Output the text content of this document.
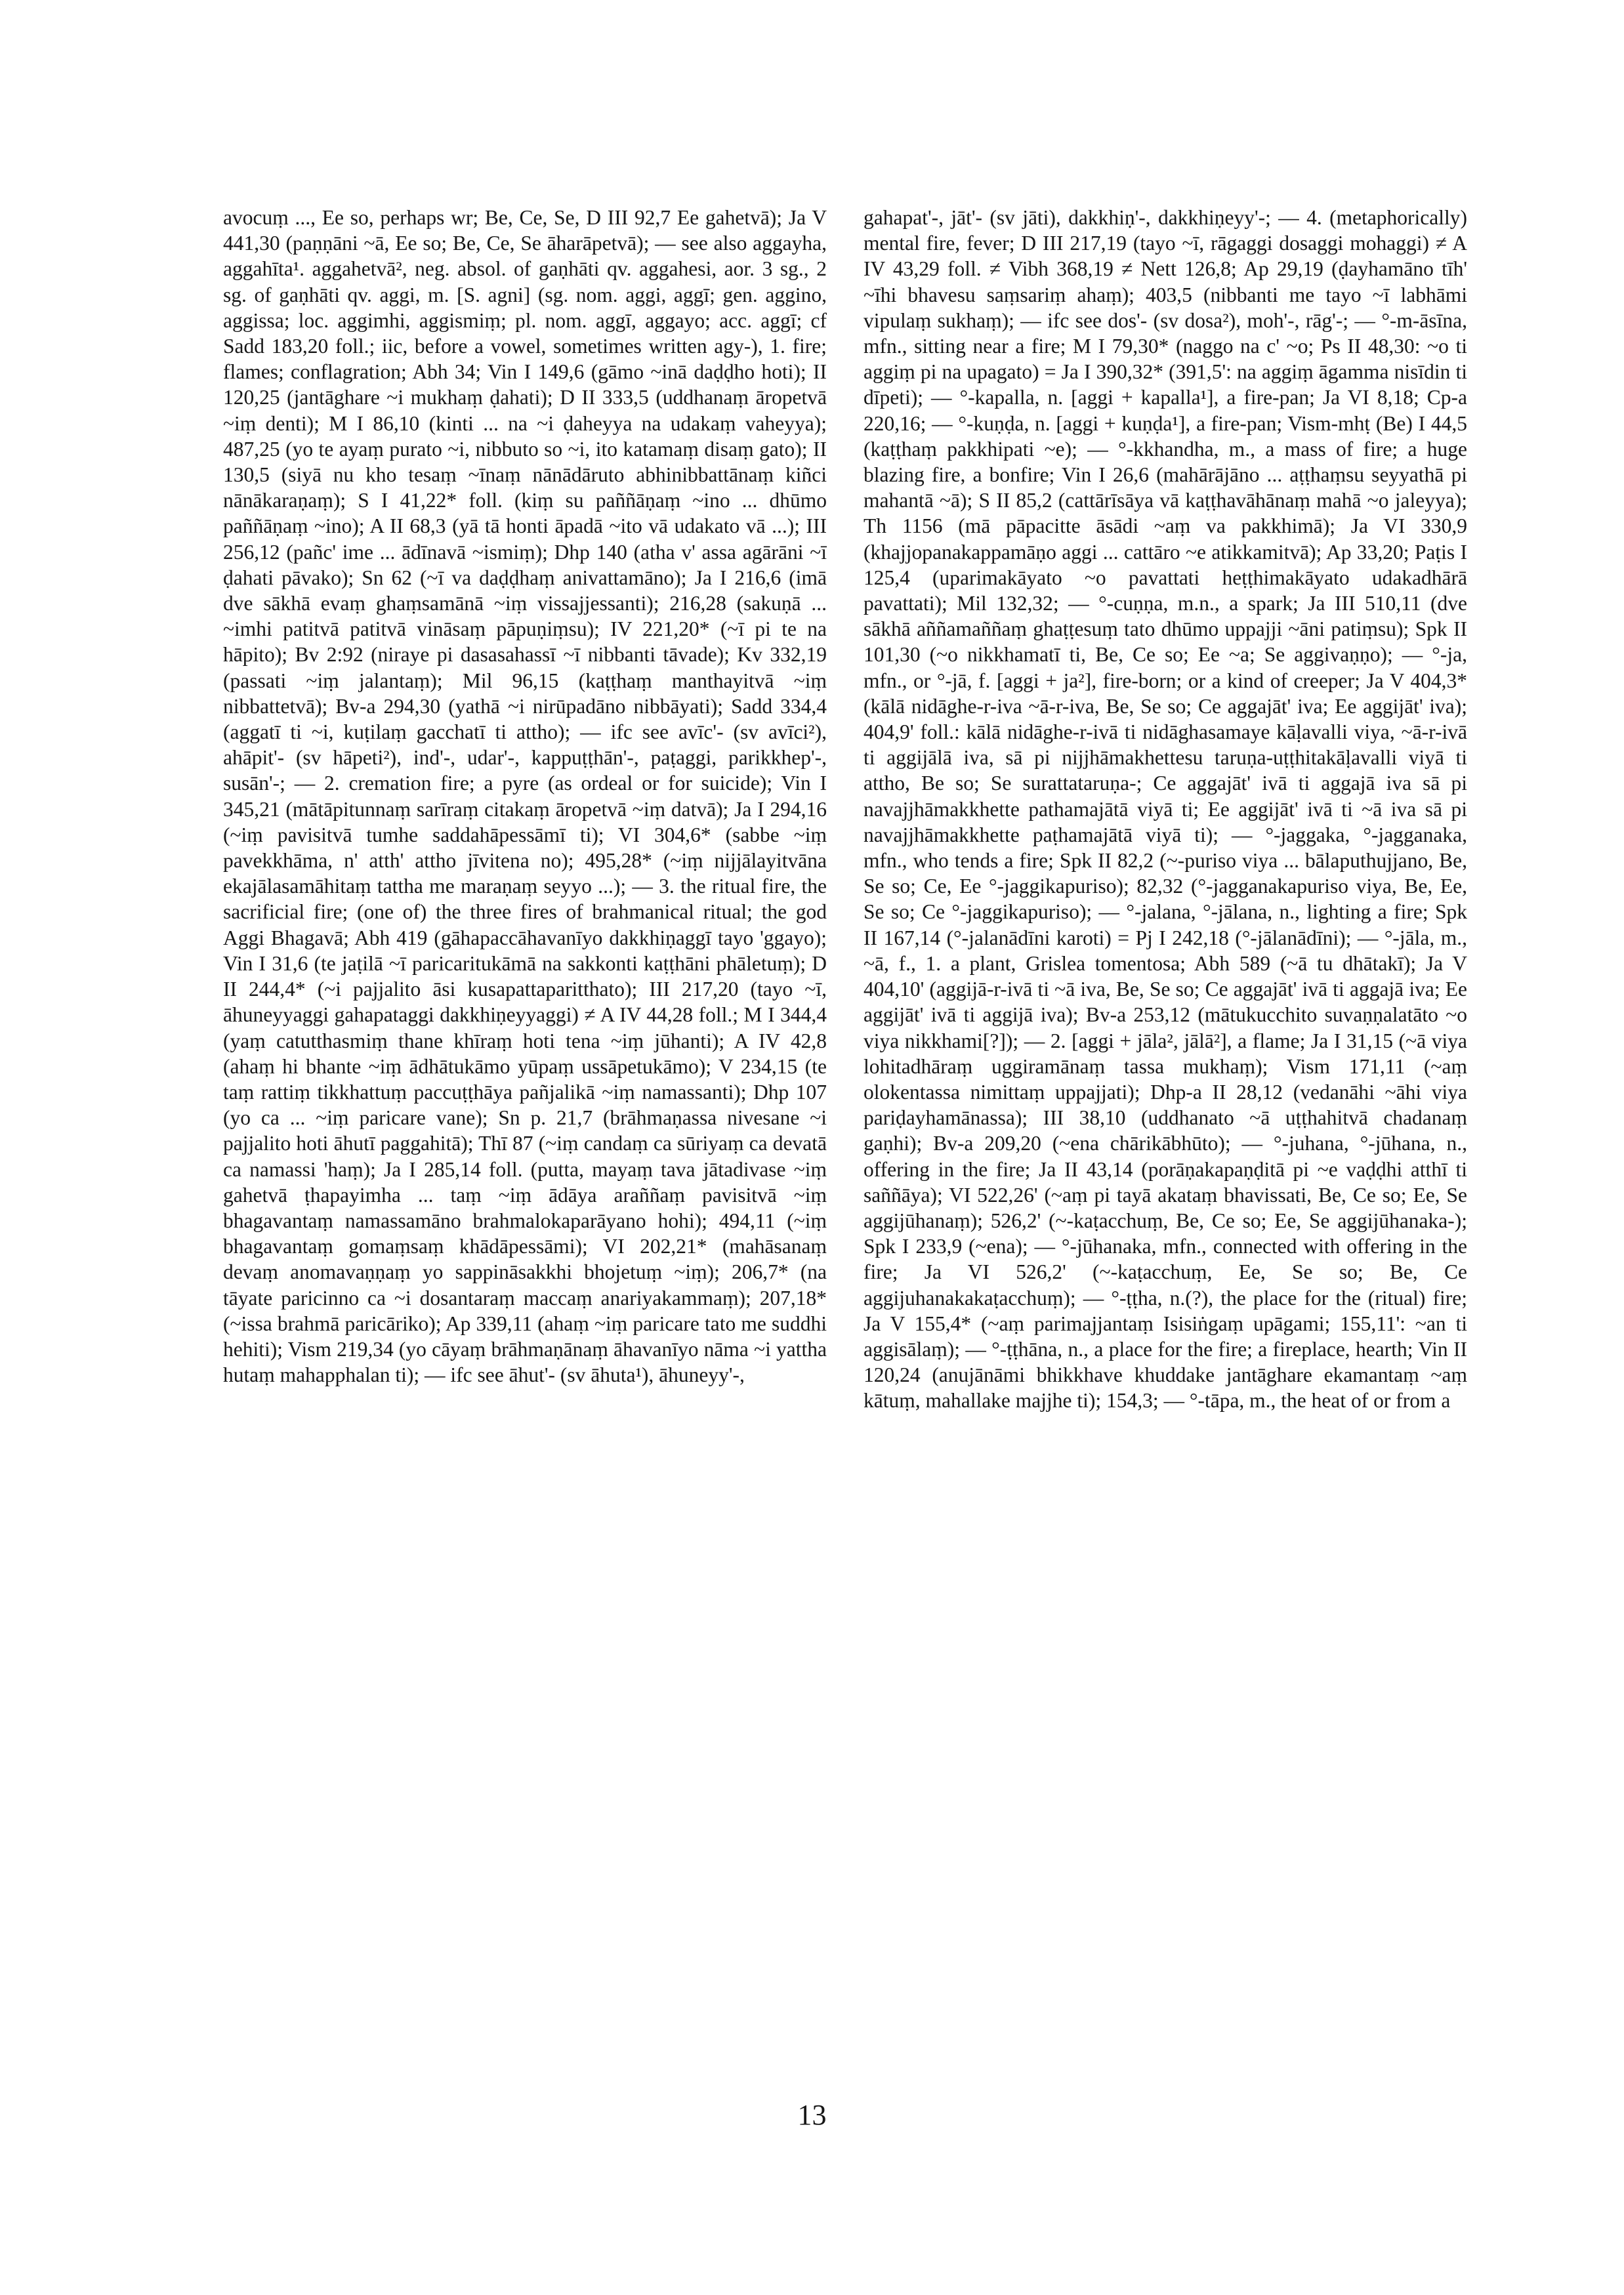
avocuṃ ..., Ee so, perhaps wr; Be, Ce, Se, D III 92,7 Ee gahetvā); Ja V 441,30 (paṇṇāni ~ā, Ee so; Be, Ce, Se āharāpetvā); — see also aggayha, aggahīta¹. aggahetvā², neg. absol. of gaṇhāti qv. aggahesi, aor. 3 sg., 2 sg. of gaṇhāti qv. aggi, m. [S. agni] (sg. nom. aggi, aggī; gen. aggino, aggissa; loc. aggimhi, aggismiṃ; pl. nom. aggī, aggayo; acc. aggī; cf Sadd 183,20 foll.; iic, before a vowel, sometimes written agy-), 1. fire; flames; conflagration; Abh 34; Vin I 149,6 (gāmo ~inā daḍḍho hoti); II 120,25 (jantāghare ~i mukhaṃ ḍahati); D II 333,5 (uddhanaṃ āropetvā ~iṃ denti); M I 86,10 (kinti ... na ~i ḍaheyya na udakaṃ vaheyya); 487,25 (yo te ayaṃ purato ~i, nibbuto so ~i, ito katamaṃ disaṃ gato); II 130,5 (siyā nu kho tesaṃ ~īnaṃ nānādāruto abhinibbattānaṃ kiñci nānākaraṇaṃ); S I 41,22* foll. (kiṃ su paññāṇaṃ ~ino ... dhūmo paññāṇaṃ ~ino); A II 68,3 (yā tā honti āpadā ~ito vā udakato vā ...); III 256,12 (pañc' ime ... ādīnavā ~ismiṃ); Dhp 140 (atha v' assa agārāni ~ī ḍahati pāvako); Sn 62 (~ī va daḍḍhaṃ anivattamāno); Ja I 216,6 (imā dve sākhā evaṃ ghaṃsamānā ~iṃ vissajjessanti); 216,28 (sakuṇā ... ~imhi patitvā patitvā vināsaṃ pāpuṇiṃsu); IV 221,20* (~ī pi te na hāpito); Bv 2:92 (niraye pi dasasahassī ~ī nibbanti tāvade); Kv 332,19 (passati ~iṃ jalantaṃ); Mil 96,15 (kaṭṭhaṃ manthayitvā ~iṃ nibbattetvā); Bv-a 294,30 (yathā ~i nirūpadāno nibbāyati); Sadd 334,4 (aggatī ti ~i, kuṭilaṃ gacchatī ti attho); — ifc see avīc'- (sv avīci²), ahāpit'- (sv hāpeti²), ind'-, udar'-, kappuṭṭhān'-, paṭaggi, parikkhep'-, susān'-; — 2. cremation fire; a pyre (as ordeal or for suicide); Vin I 345,21 (mātāpitunnaṃ sarīraṃ citakaṃ āropetvā ~iṃ datvā); Ja I 294,16 (~iṃ pavisitvā tumhe saddahāpessāmī ti); VI 304,6* (sabbe ~iṃ pavekkhāma, n' atth' attho jīvitena no); 495,28* (~iṃ nijjālayitvāna ekajālasamāhitaṃ tattha me maraṇaṃ seyyo ...); — 3. the ritual fire, the sacrificial fire; (one of) the three fires of brahmanical ritual; the god Aggi Bhagavā; Abh 419 (gāhapaccāhavanīyo dakkhiṇaggī tayo 'ggayo); Vin I 31,6 (te jaṭilā ~ī paricaritukāmā na sakkonti kaṭṭhāni phāletuṃ); D II 244,4* (~i pajjalito āsi kusapattaparitthato); III 217,20 (tayo ~ī, āhuneyyaggi gahapataggi dakkhiṇeyyaggi) ≠ A IV 44,28 foll.; M I 344,4 (yaṃ catutthasmiṃ thane khīraṃ hoti tena ~iṃ jūhanti); A IV 42,8 (ahaṃ hi bhante ~iṃ ādhātukāmo yūpaṃ ussāpetukāmo); V 234,15 (te taṃ rattiṃ tikkhattuṃ paccuṭṭhāya pañjalikā ~iṃ namassanti); Dhp 107 (yo ca ... ~iṃ paricare vane); Sn p. 21,7 (brāhmaṇassa nivesane ~i pajjalito hoti āhutī paggahitā); Thī 87 (~iṃ candaṃ ca sūriyaṃ ca devatā ca namassi 'haṃ); Ja I 285,14 foll. (putta, mayaṃ tava jātadivase ~iṃ gahetvā ṭhapayimha ... taṃ ~iṃ ādāya araññaṃ pavisitvā ~iṃ bhagavantaṃ namassamāno brahmalokaparāyano hohi); 494,11 (~iṃ bhagavantaṃ gomaṃsaṃ khādāpessāmi); VI 202,21* (mahāsanaṃ devaṃ anomavaṇṇaṃ yo sappināsakkhi bhojetuṃ ~iṃ); 206,7* (na tāyate paricinno ca ~i dosantaraṃ maccaṃ anariyakammaṃ); 207,18* (~issa brahmā paricāriko); Ap 339,11 (ahaṃ ~iṃ paricare tato me suddhi hehiti); Vism 219,34 (yo cāyaṃ brāhmaṇānaṃ āhavanīyo nāma ~i yattha hutaṃ mahapphalan ti); — ifc see āhut'- (sv āhuta¹), āhuneyy'-,

gahapat'-, jāt'- (sv jāti), dakkhiṇ'-, dakkhiṇeyy'-; — 4. (metaphorically) mental fire, fever; D III 217,19 (tayo ~ī, rāgaggi dosaggi mohaggi) ≠ A IV 43,29 foll. ≠ Vibh 368,19 ≠ Nett 126,8; Ap 29,19 (ḍayhamāno tīh' ~īhi bhavesu saṃsariṃ ahaṃ); 403,5 (nibbanti me tayo ~ī labhāmi vipulaṃ sukhaṃ); — ifc see dos'- (sv dosa²), moh'-, rāg'-; — °-m-āsīna, mfn., sitting near a fire; M I 79,30* (naggo na c' ~o; Ps II 48,30: ~o ti aggiṃ pi na upagato) = Ja I 390,32* (391,5': na aggiṃ āgamma nisīdin ti dīpeti); — °-kapalla, n. [aggi + kapalla¹], a fire-pan; Ja VI 8,18; Cp-a 220,16; — °-kuṇḍa, n. [aggi + kuṇḍa¹], a fire-pan; Vism-mhṭ (Be) I 44,5 (kaṭṭhaṃ pakkhipati ~e); — °-kkhandha, m., a mass of fire; a huge blazing fire, a bonfire; Vin I 26,6 (mahārājāno ... aṭṭhaṃsu seyyathā pi mahantā ~ā); S II 85,2 (cattārīsāya vā kaṭṭhavāhānaṃ mahā ~o jaleyya); Th 1156 (mā pāpacitte āsādi ~aṃ va pakkhimā); Ja VI 330,9 (khajjopanakappamāṇo aggi ... cattāro ~e atikkamitvā); Ap 33,20; Paṭis I 125,4 (uparimakāyato ~o pavattati heṭṭhimakāyato udakadhārā pavattati); Mil 132,32; — °-cuṇṇa, m.n., a spark; Ja III 510,11 (dve sākhā aññamaññaṃ ghaṭṭesuṃ tato dhūmo uppajji ~āni patiṃsu); Spk II 101,30 (~o nikkhamatī ti, Be, Ce so; Ee ~a; Se aggivaṇṇo); — °-ja, mfn., or °-jā, f. [aggi + ja²], fire-born; or a kind of creeper; Ja V 404,3* (kālā nidāghe-r-iva ~ā-r-iva, Be, Se so; Ce aggajāt' iva; Ee aggijāt' iva); 404,9' foll.: kālā nidāghe-r-ivā ti nidāghasamaye kāḷavalli viya, ~ā-r-ivā ti aggijālā iva, sā pi nijjhāmakhettesu taruṇa-uṭṭhitakāḷavalli viyā ti attho, Be so; Se surattataruṇa-; Ce aggajāt' ivā ti aggajā iva sā pi navajjhāmakkhette pathamajātā viyā ti; Ee aggijāt' ivā ti ~ā iva sā pi navajjhāmakkhette paṭhamajātā viyā ti); — °-jaggaka, °-jagganaka, mfn., who tends a fire; Spk II 82,2 (~-puriso viya ... bālaputhujjano, Be, Se so; Ce, Ee °-jaggikapuriso); 82,32 (°-jagganakapuriso viya, Be, Ee, Se so; Ce °-jaggikapuriso); — °-jalana, °-jālana, n., lighting a fire; Spk II 167,14 (°-jalanādīni karoti) = Pj I 242,18 (°-jālanādīni); — °-jāla, m., ~ā, f., 1. a plant, Grislea tomentosa; Abh 589 (~ā tu dhātakī); Ja V 404,10' (aggijā-r-ivā ti ~ā iva, Be, Se so; Ce aggajāt' ivā ti aggajā iva; Ee aggijāt' ivā ti aggijā iva); Bv-a 253,12 (mātukucchito suvaṇṇalatāto ~o viya nikkhami[?]); — 2. [aggi + jāla², jālā²], a flame; Ja I 31,15 (~ā viya lohitadhāraṃ uggiramānaṃ tassa mukhaṃ); Vism 171,11 (~aṃ olokentassa nimittaṃ uppajjati); Dhp-a II 28,12 (vedanāhi ~āhi viya pariḍayhamānassa); III 38,10 (uddhanato ~ā uṭṭhahitvā chadanaṃ gaṇhi); Bv-a 209,20 (~ena chārikābhūto); — °-juhana, °-jūhana, n., offering in the fire; Ja II 43,14 (porāṇakapaṇḍitā pi ~e vaḍḍhi atthī ti saññāya); VI 522,26' (~aṃ pi tayā akataṃ bhavissati, Be, Ce so; Ee, Se aggijūhanaṃ); 526,2' (~-kaṭacchuṃ, Be, Ce so; Ee, Se aggijūhanaka-); Spk I 233,9 (~ena); — °-jūhanaka, mfn., connected with offering in the fire; Ja VI 526,2' (~-kaṭacchuṃ, Ee, Se so; Be, Ce aggijuhanakakaṭacchuṃ); — °-ṭṭha, n.(?), the place for the (ritual) fire; Ja V 155,4* (~aṃ parimajjantaṃ Isisiṅgaṃ upāgami; 155,11': ~an ti aggisālaṃ); — °-ṭṭhāna, n., a place for the fire; a fireplace, hearth; Vin II 120,24 (anujānāmi bhikkhave khuddake jantāghare ekamantaṃ ~aṃ kātuṃ, mahallake majjhe ti); 154,3; — °-tāpa, m., the heat of or from a

13
